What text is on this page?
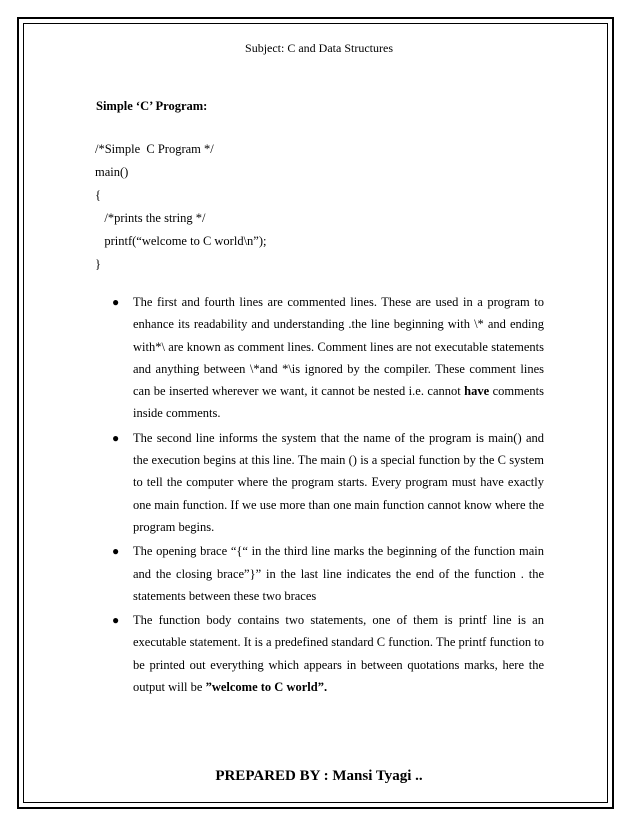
Subject: C and Data Structures
Simple ‘C’ Program:
/*Simple  C Program */
main()
{
/*prints the string */
printf(“welcome to C world\n”);
}
● The first and fourth lines are commented lines. These are used in a program to enhance its readability and understanding .the line beginning with \* and ending with*\ are known as comment lines. Comment lines are not executable statements and anything between \*and *\is ignored by the compiler. These comment lines can be inserted wherever we want, it cannot be nested i.e. cannot have comments inside comments.
● The second line informs the system that the name of the program is main() and the execution begins at this line. The main () is a special function by the C system to tell the computer where the program starts. Every program must have exactly one main function. If we use more than one main function cannot know where the program begins.
● The opening brace “{“ in the third line marks the beginning of the function main and the closing brace”}” in the last line indicates the end of the function . the statements between these two braces
● The function body contains two statements, one of them is printf line is an executable statement. It is a predefined standard C function. The printf function to be printed out everything which appears in between quotations marks, here the output will be ”welcome to C world”.
PREPARED BY : Mansi Tyagi ..
